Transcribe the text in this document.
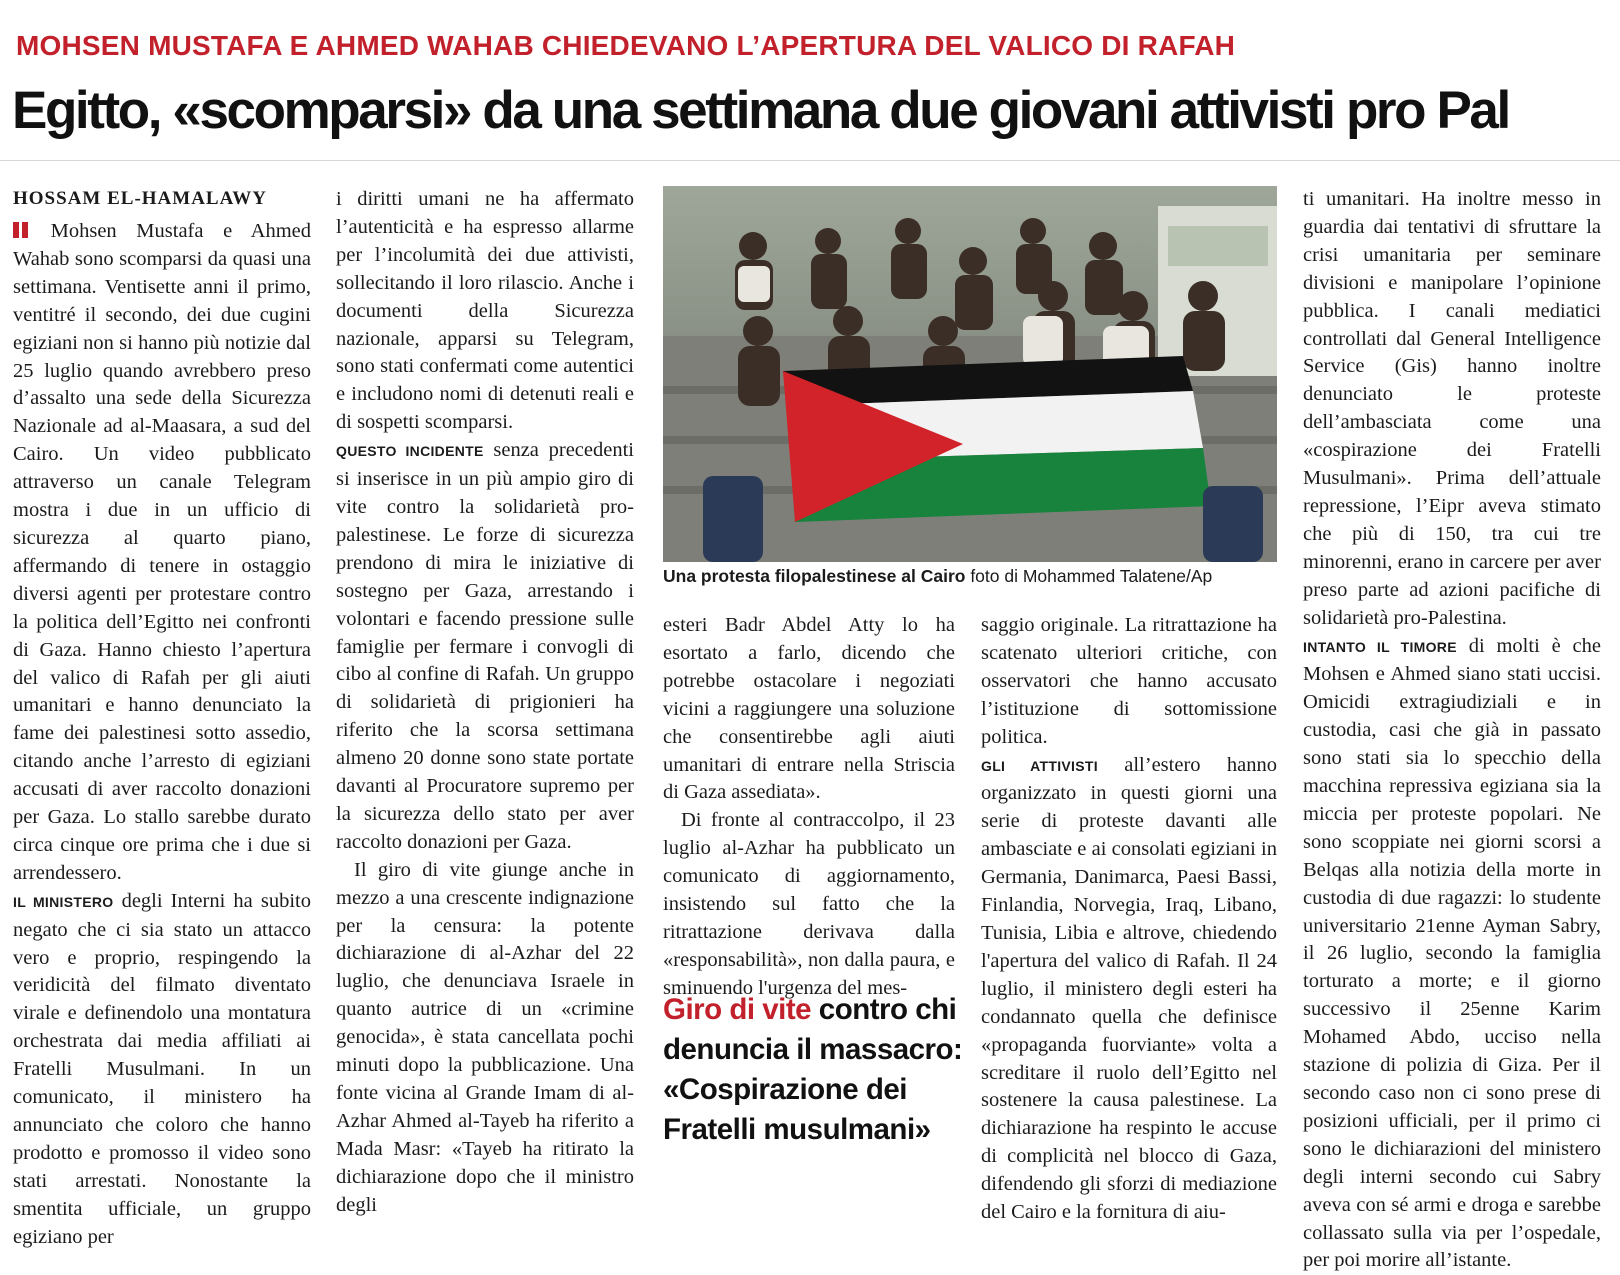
MOHSEN MUSTAFA E AHMED WAHAB CHIEDEVANO L’APERTURA DEL VALICO DI RAFAH
Egitto, «scomparsi» da una settimana due giovani attivisti pro Pal
HOSSAM EL-HAMALAWY

Mohsen Mustafa e Ahmed Wahab sono scomparsi da quasi una settimana. Ventisette anni il primo, ventitré il secondo, dei due cugini egiziani non si hanno più notizie dal 25 luglio quando avrebbero preso d’assalto una sede della Sicurezza Nazionale ad al-Maasara, a sud del Cairo. Un video pubblicato attraverso un canale Telegram mostra i due in un ufficio di sicurezza al quarto piano, affermando di tenere in ostaggio diversi agenti per protestare contro la politica dell’Egitto nei confronti di Gaza. Hanno chiesto l’apertura del valico di Rafah per gli aiuti umanitari e hanno denunciato la fame dei palestinesi sotto assedio, citando anche l’arresto di egiziani accusati di aver raccolto donazioni per Gaza. Lo stallo sarebbe durato circa cinque ore prima che i due si arrendessero.

IL MINISTERO degli Interni ha subito negato che ci sia stato un attacco vero e proprio, respingendo la veridicità del filmato diventato virale e definendolo una montatura orchestrata dai media affiliati ai Fratelli Musulmani. In un comunicato, il ministero ha annunciato che coloro che hanno prodotto e promosso il video sono stati arrestati. Nonostante la smentita ufficiale, un gruppo egiziano per

i diritti umani ne ha affermato l’autenticità e ha espresso allarme per l’incolumità dei due attivisti, sollecitando il loro rilascio. Anche i documenti della Sicurezza nazionale, apparsi su Telegram, sono stati confermati come autentici e includono nomi di detenuti reali e di sospetti scomparsi.

QUESTO INCIDENTE senza precedenti si inserisce in un più ampio giro di vite contro la solidarietà pro-palestinese. Le forze di sicurezza prendono di mira le iniziative di sostegno per Gaza, arrestando i volontari e facendo pressione sulle famiglie per fermare i convogli di cibo al confine di Rafah. Un gruppo di solidarietà di prigionieri ha riferito che la scorsa settimana almeno 20 donne sono state portate davanti al Procuratore supremo per la sicurezza dello stato per aver raccolto donazioni per Gaza.

Il giro di vite giunge anche in mezzo a una crescente indignazione per la censura: la potente dichiarazione di al-Azhar del 22 luglio, che denunciava Israele in quanto autrice di un «crimine genocida», è stata cancellata pochi minuti dopo la pubblicazione. Una fonte vicina al Grande Imam di al-Azhar Ahmed al-Tayeb ha riferito a Mada Masr: «Tayeb ha ritirato la dichiarazione dopo che il ministro degli

Una protesta filopalestinese al Cairo foto di Mohammed Talatene/Ap

esteri Badr Abdel Atty lo ha esortato a farlo, dicendo che potrebbe ostacolare i negoziati vicini a raggiungere una soluzione che consentirebbe agli aiuti umanitari di entrare nella Striscia di Gaza assediata».

Di fronte al contraccolpo, il 23 luglio al-Azhar ha pubblicato un comunicato di aggiornamento, insistendo sul fatto che la ritrattazione derivava dalla «responsabilità», non dalla paura, e sminuendo l'urgenza del mes-

Giro di vite contro chi denuncia il massacro: «Cospirazione dei Fratelli musulmani»

saggio originale. La ritrattazione ha scatenato ulteriori critiche, con osservatori che hanno accusato l’istituzione di sottomissione politica.

GLI ATTIVISTI all’estero hanno organizzato in questi giorni una serie di proteste davanti alle ambasciate e ai consolati egiziani in Germania, Danimarca, Paesi Bassi, Finlandia, Norvegia, Iraq, Libano, Tunisia, Libia e altrove, chiedendo l'apertura del valico di Rafah. Il 24 luglio, il ministero degli esteri ha condannato quella che definisce «propaganda fuorviante» volta a screditare il ruolo dell’Egitto nel sostenere la causa palestinese. La dichiarazione ha respinto le accuse di complicità nel blocco di Gaza, difendendo gli sforzi di mediazione del Cairo e la fornitura di aiu-

ti umanitari. Ha inoltre messo in guardia dai tentativi di sfruttare la crisi umanitaria per seminare divisioni e manipolare l’opinione pubblica. I canali mediatici controllati dal General Intelligence Service (Gis) hanno inoltre denunciato le proteste dell’ambasciata come una «cospirazione dei Fratelli Musulmani». Prima dell’attuale repressione, l’Eipr aveva stimato che più di 150, tra cui tre minorenni, erano in carcere per aver preso parte ad azioni pacifiche di solidarietà pro-Palestina.

INTANTO IL TIMORE di molti è che Mohsen e Ahmed siano stati uccisi. Omicidi extragiudiziali e in custodia, casi che già in passato sono stati sia lo specchio della macchina repressiva egiziana sia la miccia per proteste popolari. Ne sono scoppiate nei giorni scorsi a Belqas alla notizia della morte in custodia di due ragazzi: lo studente universitario 21enne Ayman Sabry, il 26 luglio, secondo la famiglia torturato a morte; e il giorno successivo il 25enne Karim Mohamed Abdo, ucciso nella stazione di polizia di Giza. Per il secondo caso non ci sono prese di posizioni ufficiali, per il primo ci sono le dichiarazioni del ministero degli interni secondo cui Sabry aveva con sé armi e droga e sarebbe collassato sulla via per l’ospedale, per poi morire all’istante.
